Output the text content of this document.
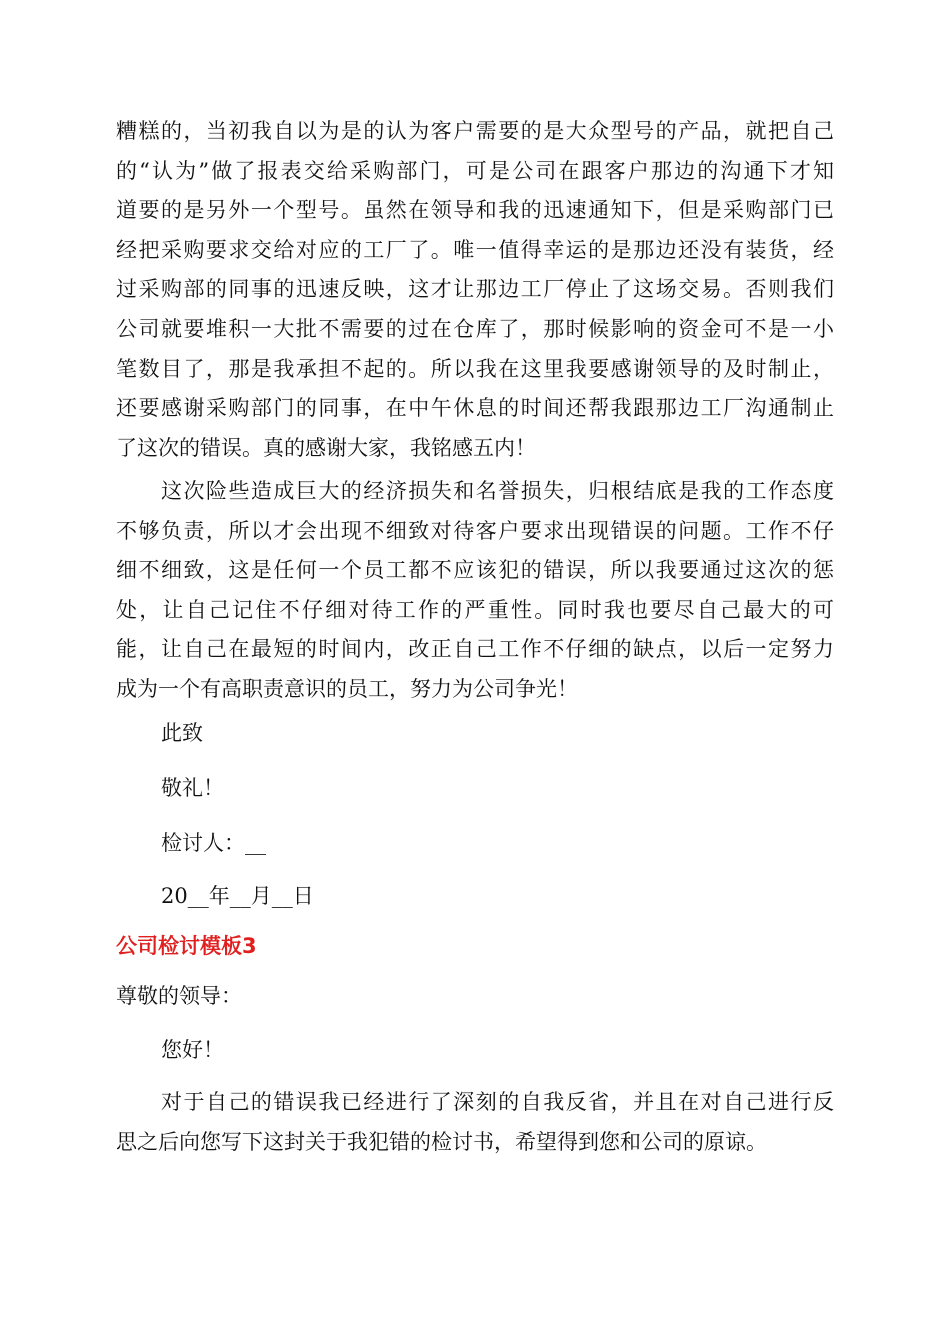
糟糕的，当初我自以为是的认为客户需要的是大众型号的产品，就把自己
的“认为”做了报表交给采购部门，可是公司在跟客户那边的沟通下才知
道要的是另外一个型号。虽然在领导和我的迅速通知下，但是采购部门已
经把采购要求交给对应的工厂了。唯一值得幸运的是那边还没有装货，经
过采购部的同事的迅速反映，这才让那边工厂停止了这场交易。否则我们
公司就要堆积一大批不需要的过在仓库了，那时候影响的资金可不是一小
笔数目了，那是我承担不起的。所以我在这里我要感谢领导的及时制止，
还要感谢采购部门的同事，在中午休息的时间还帮我跟那边工厂沟通制止
了这次的错误。真的感谢大家，我铭感五内！
这次险些造成巨大的经济损失和名誉损失，归根结底是我的工作态度
不够负责，所以才会出现不细致对待客户要求出现错误的问题。工作不仔
细不细致，这是任何一个员工都不应该犯的错误，所以我要通过这次的惩
处，让自己记住不仔细对待工作的严重性。同时我也要尽自己最大的可
能，让自己在最短的时间内，改正自己工作不仔细的缺点，以后一定努力
成为一个有高职责意识的员工，努力为公司争光！

此致

敬礼！

检讨人：__

20__年__月__日

公司检讨模板3

尊敬的领导：

您好！

对于自己的错误我已经进行了深刻的自我反省，并且在对自己进行反
思之后向您写下这封关于我犯错的检讨书，希望得到您和公司的原谅。
